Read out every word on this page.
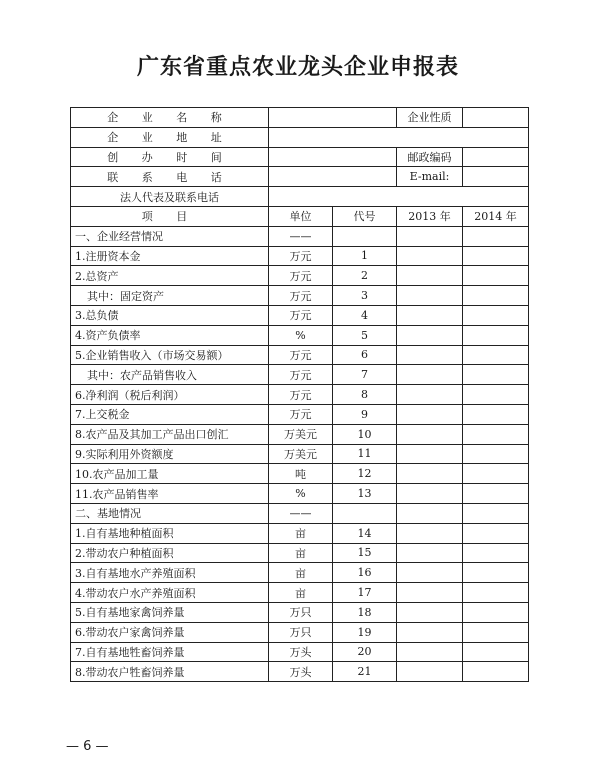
广东省重点农业龙头企业申报表
企 业 名 称			企业性质	
企 业 地 址				
创 办 时 间			邮政编码	
联 系 电 话			E-mail:	
法人代表及联系电话				
项 目	单位	代号	2013 年	2014 年
一、企业经营情况	——			
1.注册资本金	万元	1		
2.总资产	万元	2		
其中：固定资产	万元	3		
3.总负债	万元	4		
4.资产负债率	%	5		
5.企业销售收入（市场交易额）	万元	6		
其中：农产品销售收入	万元	7		
6.净利润（税后利润）	万元	8		
7.上交税金	万元	9		
8.农产品及其加工产品出口创汇	万美元	10		
9.实际利用外资额度	万美元	11		
10.农产品加工量	吨	12		
11.农产品销售率	%	13		
二、基地情况	——			
1.自有基地种植面积	亩	14		
2.带动农户种植面积	亩	15		
3.自有基地水产养殖面积	亩	16		
4.带动农户水产养殖面积	亩	17		
5.自有基地家禽饲养量	万只	18		
6.带动农户家禽饲养量	万只	19		
7.自有基地牲畜饲养量	万头	20		
8.带动农户牲畜饲养量	万头	21		
— 6 —
